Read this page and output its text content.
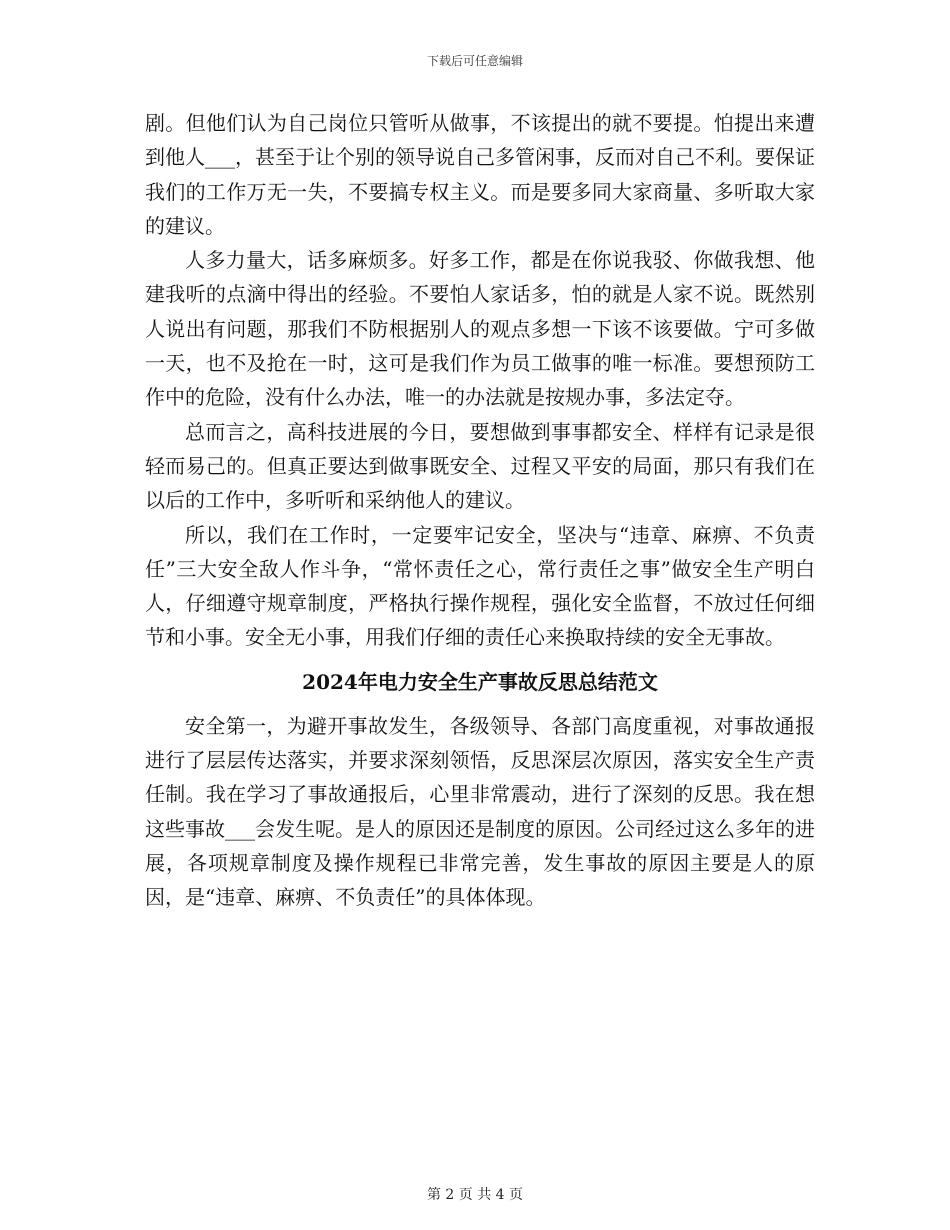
下载后可任意编辑

剧。但他们认为自己岗位只管听从做事，不该提出的就不要提。怕提出来遭到他人___，甚至于让个别的领导说自己多管闲事，反而对自己不利。要保证我们的工作万无一失，不要搞专权主义。而是要多同大家商量、多听取大家的建议。

人多力量大，话多麻烦多。好多工作，都是在你说我驳、你做我想、他建我听的点滴中得出的经验。不要怕人家话多，怕的就是人家不说。既然别人说出有问题，那我们不防根据别人的观点多想一下该不该要做。宁可多做一天，也不及抢在一时，这可是我们作为员工做事的唯一标准。要想预防工作中的危险，没有什么办法，唯一的办法就是按规办事，多法定夺。

总而言之，高科技进展的今日，要想做到事事都安全、样样有记录是很轻而易己的。但真正要达到做事既安全、过程又平安的局面，那只有我们在以后的工作中，多听听和采纳他人的建议。

所以，我们在工作时，一定要牢记安全，坚决与“违章、麻痹、不负责任”三大安全敌人作斗争，“常怀责任之心，常行责任之事”做安全生产明白人，仔细遵守规章制度，严格执行操作规程，强化安全监督，不放过任何细节和小事。安全无小事，用我们仔细的责任心来换取持续的安全无事故。

2024年电力安全生产事故反思总结范文

安全第一，为避开事故发生，各级领导、各部门高度重视，对事故通报进行了层层传达落实，并要求深刻领悟，反思深层次原因，落实安全生产责任制。我在学习了事故通报后，心里非常震动，进行了深刻的反思。我在想这些事故___会发生呢。是人的原因还是制度的原因。公司经过这么多年的进展，各项规章制度及操作规程已非常完善，发生事故的原因主要是人的原因，是“违章、麻痹、不负责任”的具体体现。

第 2 页 共 4 页
